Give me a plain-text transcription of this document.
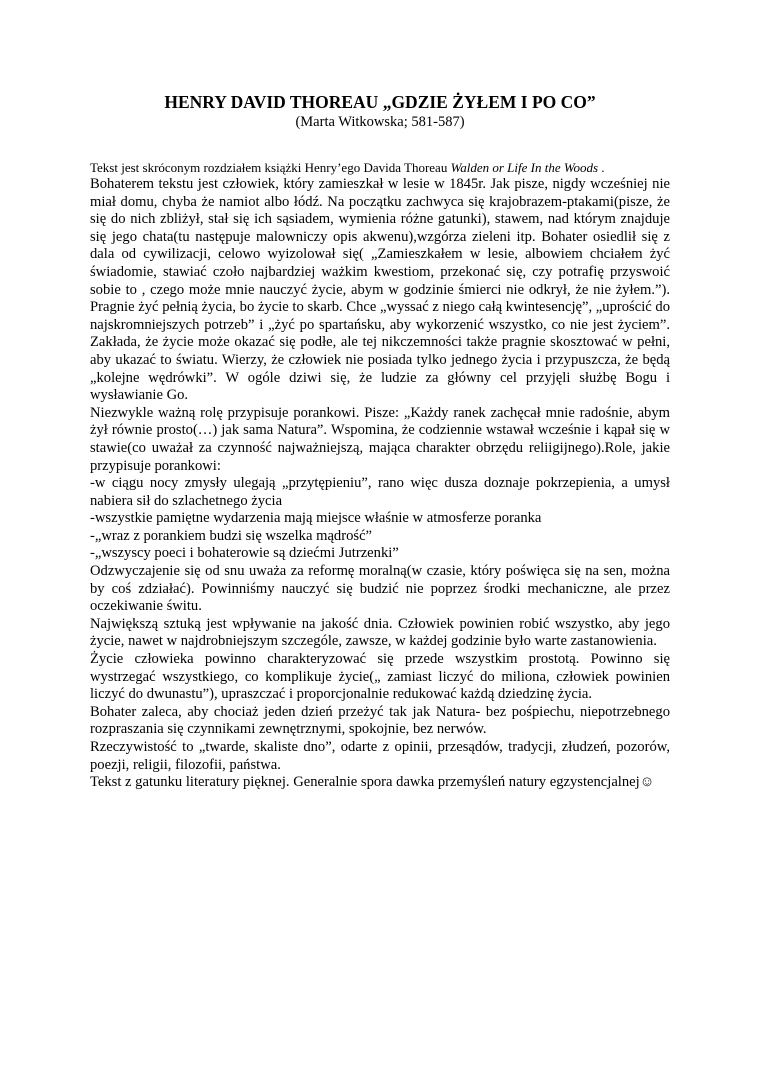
HENRY DAVID THOREAU „GDZIE ŻYŁEM I PO CO”
(Marta Witkowska; 581-587)
Tekst jest skróconym rozdziałem książki Henry’ego Davida Thoreau Walden or Life In the Woods .

Bohaterem tekstu jest człowiek, który zamieszkał w lesie w 1845r. Jak pisze, nigdy wcześniej nie miał domu, chyba że namiot albo łódź. Na początku zachwyca się krajobrazem-ptakami(pisze, że się do nich zbliżył, stał się ich sąsiadem, wymienia różne gatunki), stawem, nad którym znajduje się jego chata(tu następuje malowniczy opis akwenu),wzgórza zieleni itp. Bohater osiedlił się z dala od cywilizacji, celowo wyizolował się( „Zamieszkałem w lesie, albowiem chciałem żyć świadomie, stawiać czoło najbardziej ważkim kwestiom, przekonać się, czy potrafię przyswoić sobie to , czego może mnie nauczyć życie, abym w godzinie śmierci nie odkrył, że nie żyłem.”). Pragnie żyć pełnią życia, bo życie to skarb. Chce „wyssać z niego całą kwintesencję”, „uprościć do najskromniejszych potrzeb” i „żyć po spartańsku, aby wykorzenić wszystko, co nie jest życiem”. Zakłada, że życie może okazać się podłe, ale tej nikczemności także pragnie skosztować w pełni, aby ukazać to światu. Wierzy, że człowiek nie posiada tylko jednego życia i przypuszcza, że będą „kolejne wędrówki”. W ogóle dziwi się, że ludzie za główny cel przyjęli służbę Bogu i wysławianie Go.

Niezwykle ważną rolę przypisuje porankowi. Pisze: „Każdy ranek zachęcał mnie radośnie, abym żył równie prosto(…) jak sama Natura”. Wspomina, że codziennie wstawał wcześnie i kąpał się w stawie(co uważał za czynność najważniejszą, mająca charakter obrzędu reliigijnego).Role, jakie przypisuje porankowi:

-w ciągu nocy zmysły ulegają „przytępieniu”, rano więc dusza doznaje pokrzepienia, a umysł nabiera sił do szlachetnego życia

-wszystkie pamiętne wydarzenia mają miejsce właśnie w atmosferze poranka

-„wraz z porankiem budzi się wszelka mądrość”

-„wszyscy poeci i bohaterowie są dziećmi Jutrzenki”

Odzwyczajenie się od snu uważa za reformę moralną(w czasie, który poświęca się na sen, można by coś zdziałać). Powinniśmy nauczyć się budzić nie poprzez środki mechaniczne, ale przez oczekiwanie świtu.

Największą sztuką jest wpływanie na jakość dnia. Człowiek powinien robić wszystko, aby jego życie, nawet w najdrobniejszym szczególe, zawsze, w każdej godzinie było warte zastanowienia.

Życie człowieka powinno charakteryzować się przede wszystkim prostotą. Powinno się wystrzegać wszystkiego, co komplikuje życie(„ zamiast liczyć do miliona, człowiek powinien liczyć do dwunastu”), upraszczać i proporcjonalnie redukować każdą dziedzinę życia.

Bohater zaleca, aby chociaż jeden dzień przeżyć tak jak Natura- bez pośpiechu, niepotrzebnego rozpraszania się czynnikami zewnętrznymi, spokojnie, bez nerwów.

Rzeczywistość to „twarde, skaliste dno”, odarte z opinii, przesądów, tradycji, złudzeń, pozorów, poezji, religii, filozofii, państwa.

Tekst z gatunku literatury pięknej. Generalnie spora dawka przemyśleń natury egzystencjalnej☺
